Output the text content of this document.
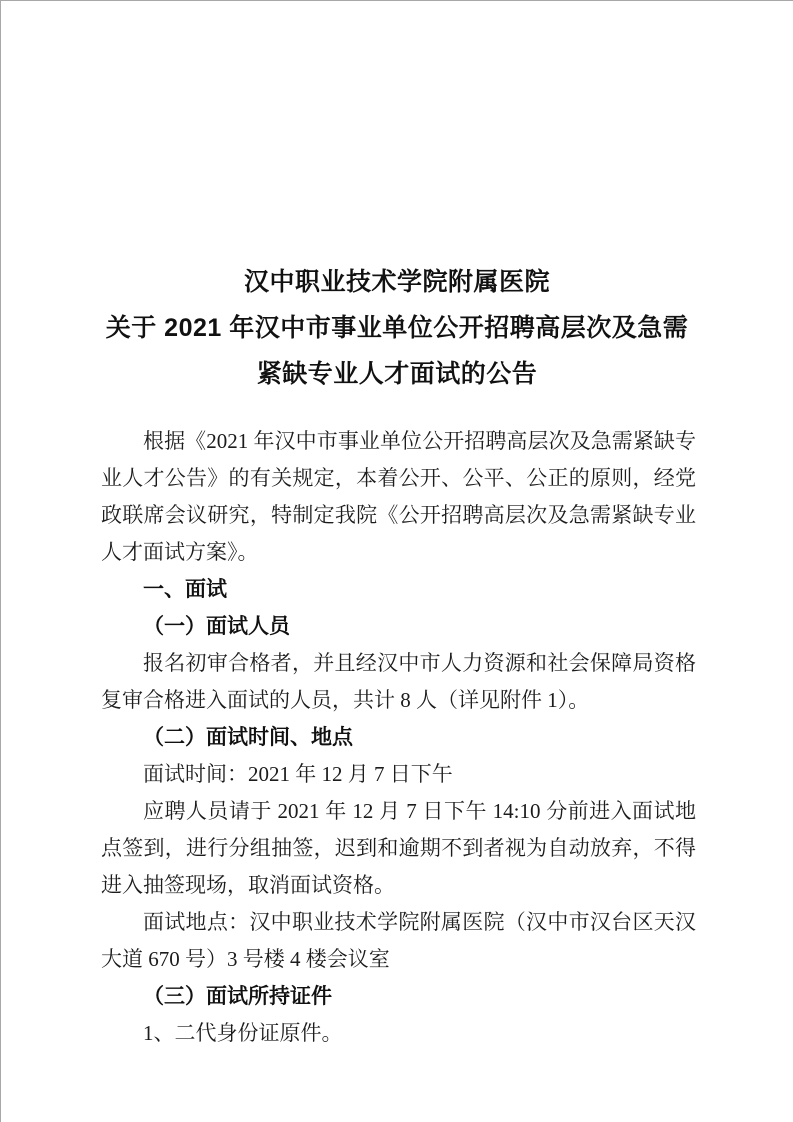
汉中职业技术学院附属医院
关于 2021 年汉中市事业单位公开招聘高层次及急需
紧缺专业人才面试的公告
根据《2021 年汉中市事业单位公开招聘高层次及急需紧缺专业人才公告》的有关规定，本着公开、公平、公正的原则，经党政联席会议研究，特制定我院《公开招聘高层次及急需紧缺专业人才面试方案》。
一、面试
（一）面试人员
报名初审合格者，并且经汉中市人力资源和社会保障局资格复审合格进入面试的人员，共计 8 人（详见附件 1）。
（二）面试时间、地点
面试时间：2021 年 12 月 7 日下午
应聘人员请于 2021 年 12 月 7 日下午 14:10 分前进入面试地点签到，进行分组抽签，迟到和逾期不到者视为自动放弃，不得进入抽签现场，取消面试资格。
面试地点：汉中职业技术学院附属医院（汉中市汉台区天汉大道 670 号）3 号楼 4 楼会议室
（三）面试所持证件
1、二代身份证原件。
